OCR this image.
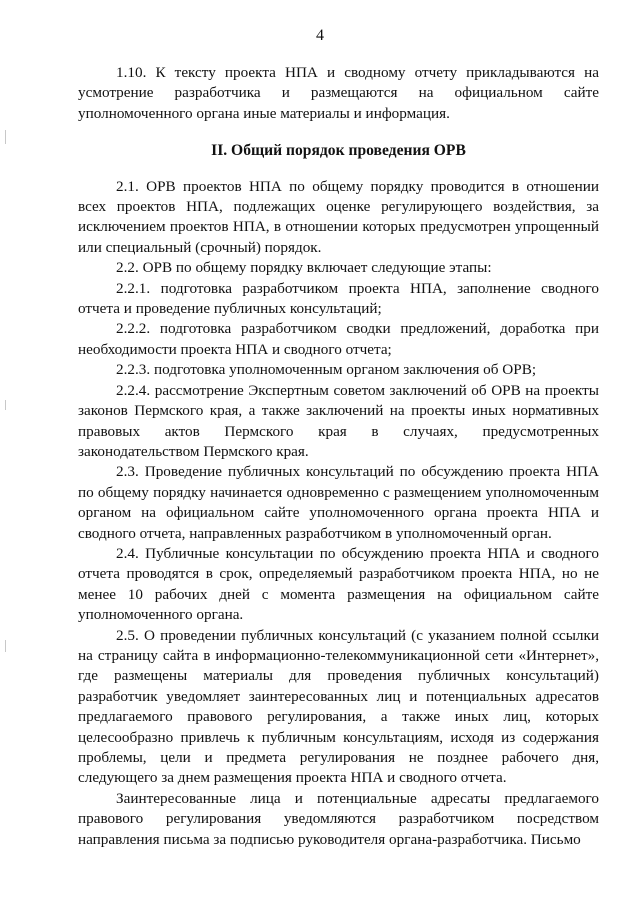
4

1.10. К тексту проекта НПА и сводному отчету прикладываются на усмотрение разработчика и размещаются на официальном сайте уполномоченного органа иные материалы и информация.

II. Общий порядок проведения ОРВ

2.1. ОРВ проектов НПА по общему порядку проводится в отношении всех проектов НПА, подлежащих оценке регулирующего воздействия, за исключением проектов НПА, в отношении которых предусмотрен упрощенный или специальный (срочный) порядок.

2.2. ОРВ по общему порядку включает следующие этапы:

2.2.1. подготовка разработчиком проекта НПА, заполнение сводного отчета и проведение публичных консультаций;

2.2.2. подготовка разработчиком сводки предложений, доработка при необходимости проекта НПА и сводного отчета;

2.2.3. подготовка уполномоченным органом заключения об ОРВ;

2.2.4. рассмотрение Экспертным советом заключений об ОРВ на проекты законов Пермского края, а также заключений на проекты иных нормативных правовых актов Пермского края в случаях, предусмотренных законодательством Пермского края.

2.3. Проведение публичных консультаций по обсуждению проекта НПА по общему порядку начинается одновременно с размещением уполномоченным органом на официальном сайте уполномоченного органа проекта НПА и сводного отчета, направленных разработчиком в уполномоченный орган.

2.4. Публичные консультации по обсуждению проекта НПА и сводного отчета проводятся в срок, определяемый разработчиком проекта НПА, но не менее 10 рабочих дней с момента размещения на официальном сайте уполномоченного органа.

2.5. О проведении публичных консультаций (с указанием полной ссылки на страницу сайта в информационно-телекоммуникационной сети «Интернет», где размещены материалы для проведения публичных консультаций) разработчик уведомляет заинтересованных лиц и потенциальных адресатов предлагаемого правового регулирования, а также иных лиц, которых целесообразно привлечь к публичным консультациям, исходя из содержания проблемы, цели и предмета регулирования не позднее рабочего дня, следующего за днем размещения проекта НПА и сводного отчета.

Заинтересованные лица и потенциальные адресаты предлагаемого правового регулирования уведомляются разработчиком посредством направления письма за подписью руководителя органа-разработчика. Письмо
